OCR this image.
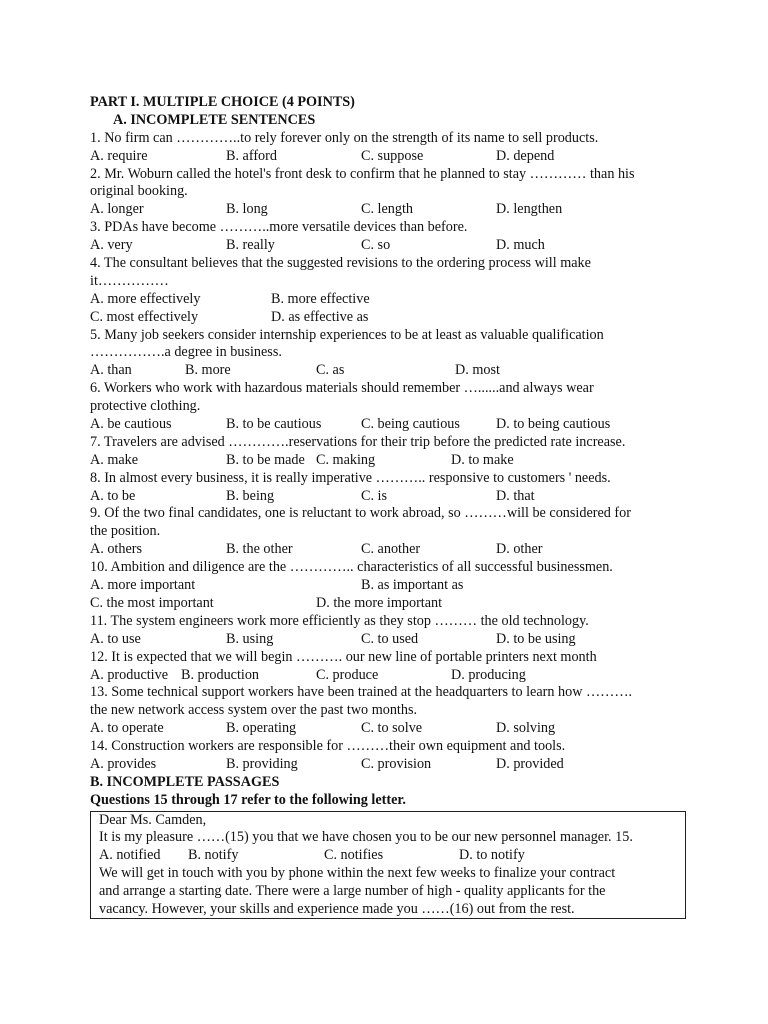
PART I. MULTIPLE CHOICE (4 POINTS)
A. INCOMPLETE SENTENCES
1. No firm can …………..to rely forever only on the strength of its name to sell products.
A. require	B. afford	C. suppose	D. depend
2. Mr. Woburn called the hotel's front desk to confirm that he planned to stay ………… than his
original booking.
A. longer	B. long	C. length	D. lengthen
3. PDAs have become ………..more versatile devices than before.
A. very	B. really	C. so	D. much
4. The consultant believes that the suggested revisions to the ordering process will make
it……………
A. more effectively	B. more effective
C. most effectively	D. as effective as
5. Many job seekers consider internship experiences to be at least as valuable qualification
…………….a degree in business.
A. than	B. more	C. as	D. most
6. Workers who work with hazardous materials should remember …......and always wear
protective clothing.
A. be cautious	B. to be cautious	C. being cautious	D. to being cautious
7. Travelers are advised ………….reservations for their trip before the predicted rate increase.
A. make	B. to be made C. making	D. to make
8. In almost every business, it is really imperative ……….. responsive to customers ' needs.
A. to be	B. being	C. is	D. that
9. Of the two final candidates, one is reluctant to work abroad, so ………will be considered for
the position.
A. others	B. the other	C. another	D. other
10. Ambition and diligence are the ………….. characteristics of all successful businessmen.
A. more important	B. as important as
C. the most important	D. the more important
11. The system engineers work more efficiently as they stop ……… the old technology.
A. to use	B. using	C. to used	D. to be using
12. It is expected that we will begin ………. our new line of portable printers next month
A. productive B. production	C. produce	D. producing
13. Some technical support workers have been trained at the headquarters to learn how ……….
the new network access system over the past two months.
A. to operate	B. operating	C. to solve	D. solving
14. Construction workers are responsible for ………their own equipment and tools.
A. provides	B. providing	C. provision	D. provided
B. INCOMPLETE PASSAGES
Questions 15 through 17 refer to the following letter.
Dear Ms. Camden,
It is my pleasure ……(15) you that we have chosen you to be our new personnel manager. 15.
A. notified B. notify	C. notifies	D. to notify
We will get in touch with you by phone within the next few weeks to finalize your contract
and arrange a starting date. There were a large number of high - quality applicants for the
vacancy. However, your skills and experience made you ……(16) out from the rest.
